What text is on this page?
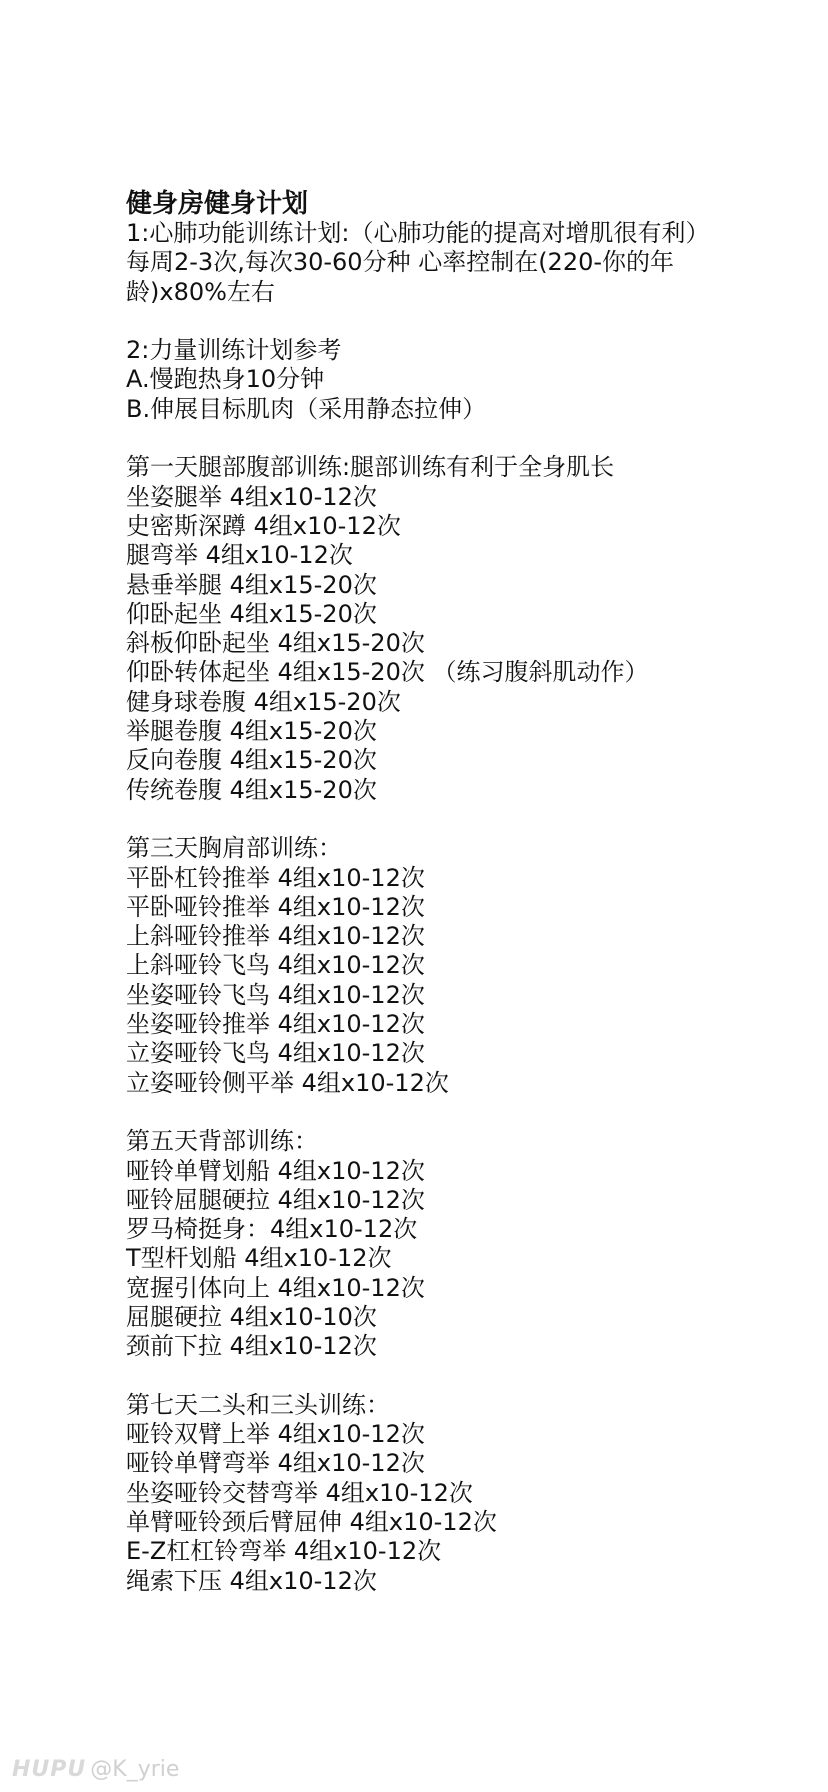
健身房健身计划
1:心肺功能训练计划:（心肺功能的提高对增肌很有利）
每周2-3次,每次30-60分种 心率控制在(220-你的年龄)x80%左右
2:力量训练计划参考
A.慢跑热身10分钟
B.伸展目标肌肉（采用静态拉伸）
第一天腿部腹部训练:腿部训练有利于全身肌长
坐姿腿举 4组x10-12次
史密斯深蹲 4组x10-12次
腿弯举 4组x10-12次
悬垂举腿 4组x15-20次
仰卧起坐 4组x15-20次
斜板仰卧起坐 4组x15-20次
仰卧转体起坐 4组x15-20次 （练习腹斜肌动作）
健身球卷腹 4组x15-20次
举腿卷腹 4组x15-20次
反向卷腹 4组x15-20次
传统卷腹 4组x15-20次
第三天胸肩部训练：
平卧杠铃推举 4组x10-12次
平卧哑铃推举 4组x10-12次
上斜哑铃推举 4组x10-12次
上斜哑铃飞鸟 4组x10-12次
坐姿哑铃飞鸟 4组x10-12次
坐姿哑铃推举 4组x10-12次
立姿哑铃飞鸟 4组x10-12次
立姿哑铃侧平举 4组x10-12次
第五天背部训练：
哑铃单臂划船 4组x10-12次
哑铃屈腿硬拉 4组x10-12次
罗马椅挺身：4组x10-12次
T型杆划船 4组x10-12次
宽握引体向上 4组x10-12次
屈腿硬拉 4组x10-10次
颈前下拉 4组x10-12次
第七天二头和三头训练：
哑铃双臂上举 4组x10-12次
哑铃单臂弯举 4组x10-12次
坐姿哑铃交替弯举 4组x10-12次
单臂哑铃颈后臂屈伸 4组x10-12次
E-Z杠杠铃弯举 4组x10-12次
绳索下压 4组x10-12次
HUPU @K_yrie
